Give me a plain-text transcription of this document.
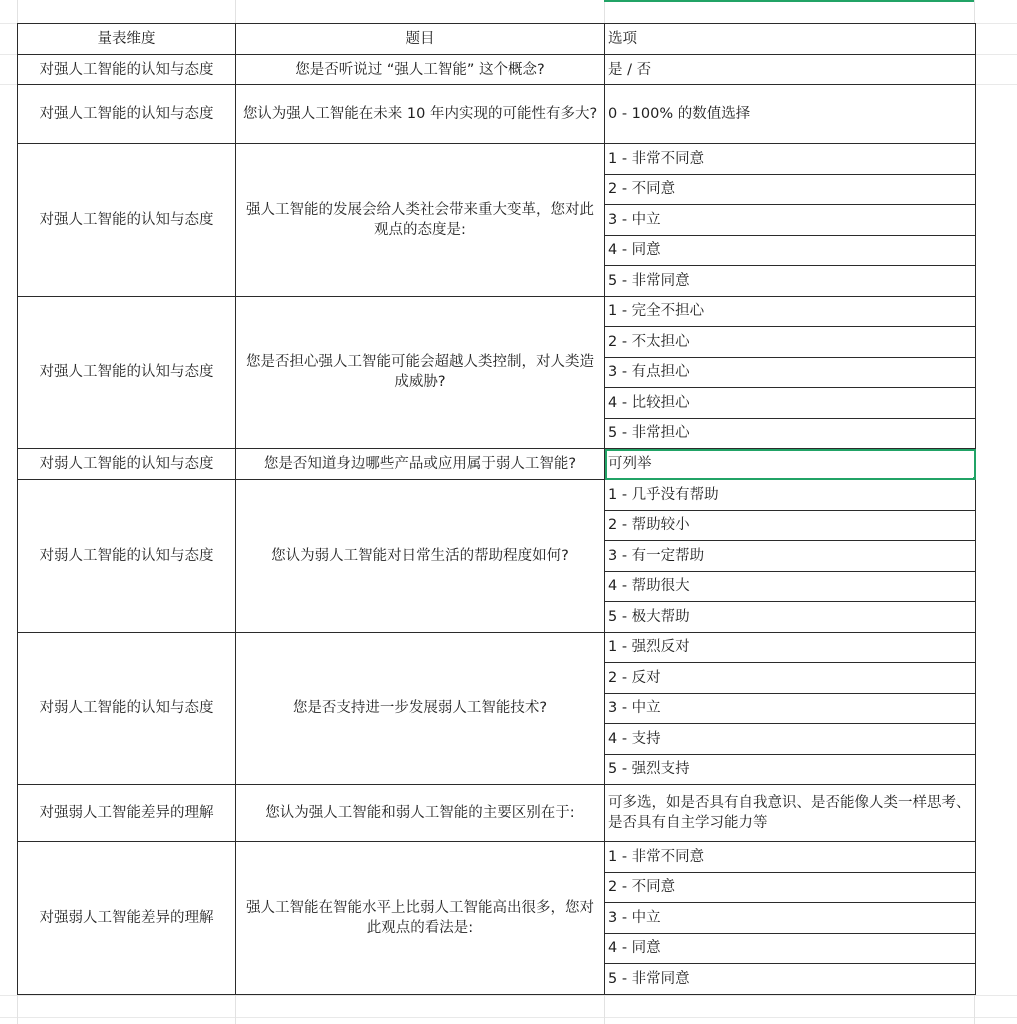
量表维度	题目	选项
对强人工智能的认知与态度	您是否听说过 “强人工智能” 这个概念?	是 / 否
对强人工智能的认知与态度	您认为强人工智能在未来 10 年内实现的可能性有多大?	0 - 100% 的数值选择
对强人工智能的认知与态度	强人工智能的发展会给人类社会带来重大变革，您对此观点的态度是:	1 - 非常不同意
		2 - 不同意
		3 - 中立
		4 - 同意
		5 - 非常同意
对强人工智能的认知与态度	您是否担心强人工智能可能会超越人类控制，对人类造成威胁?	1 - 完全不担心
		2 - 不太担心
		3 - 有点担心
		4 - 比较担心
		5 - 非常担心
对弱人工智能的认知与态度	您是否知道身边哪些产品或应用属于弱人工智能?	可列举
对弱人工智能的认知与态度	您认为弱人工智能对日常生活的帮助程度如何?	1 - 几乎没有帮助
		2 - 帮助较小
		3 - 有一定帮助
		4 - 帮助很大
		5 - 极大帮助
对弱人工智能的认知与态度	您是否支持进一步发展弱人工智能技术?	1 - 强烈反对
		2 - 反对
		3 - 中立
		4 - 支持
		5 - 强烈支持
对强弱人工智能差异的理解	您认为强人工智能和弱人工智能的主要区别在于:	可多选，如是否具有自我意识、是否能像人类一样思考、是否具有自主学习能力等
对强弱人工智能差异的理解	强人工智能在智能水平上比弱人工智能高出很多，您对此观点的看法是:	1 - 非常不同意
		2 - 不同意
		3 - 中立
		4 - 同意
		5 - 非常同意
